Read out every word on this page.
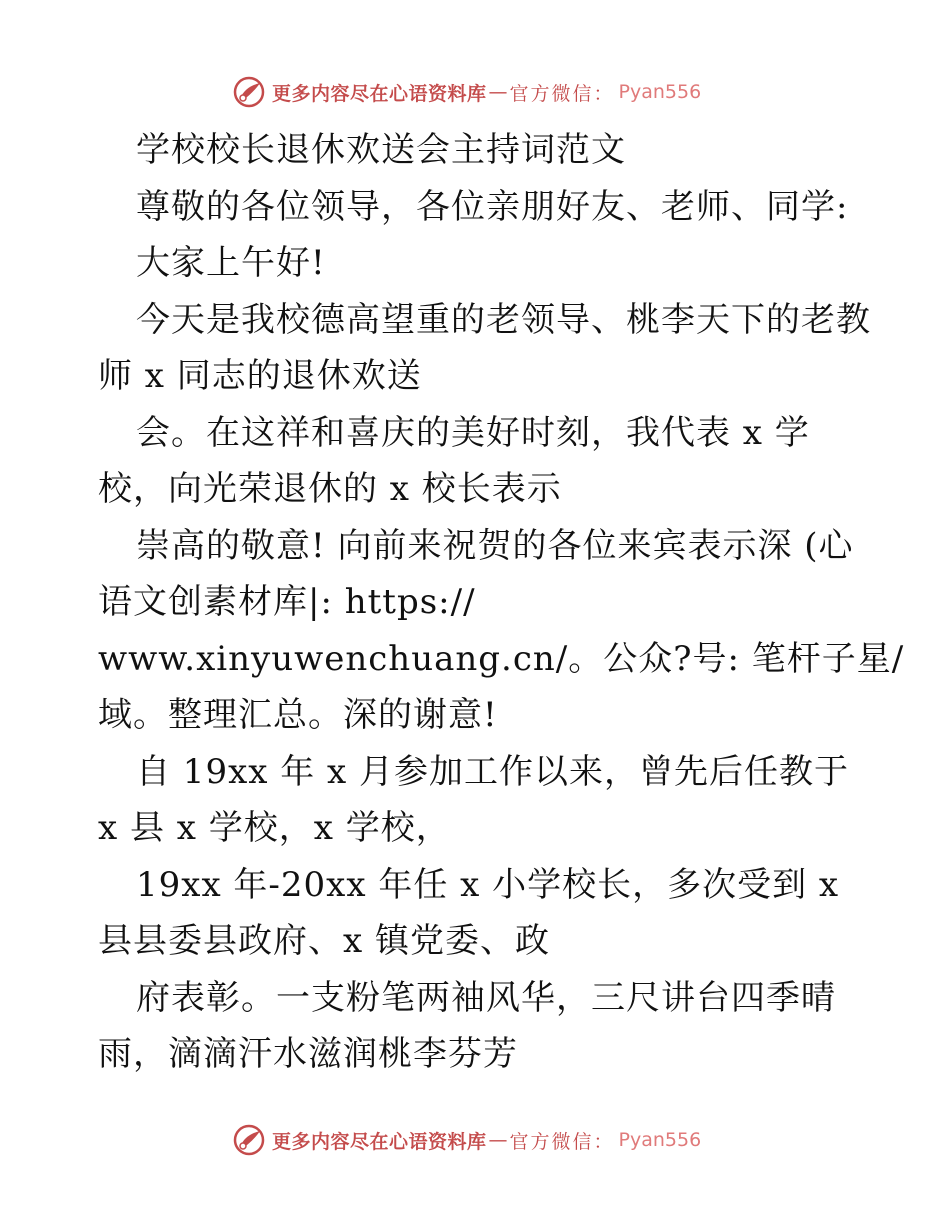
更多内容尽在心语资料库 — 官方微信： Pyan556
学校校长退休欢送会主持词范文
尊敬的各位领导，各位亲朋好友、老师、同学:
大家上午好!
今天是我校德高望重的老领导、桃李天下的老教
师 x 同志的退休欢送
会。在这祥和喜庆的美好时刻，我代表 x 学
校，向光荣退休的 x 校长表示
崇高的敬意! 向前来祝贺的各位来宾表示深 (心
语文创素材库|: https://
www.xinyuwenchuang.cn/。公众?号: 笔杆子星/
域。整理汇总。深的谢意!
自 19xx 年 x 月参加工作以来，曾先后任教于
x 县 x 学校，x 学校，
19xx 年-20xx 年任 x 小学校长，多次受到 x
县县委县政府、x 镇党委、政
府表彰。一支粉笔两袖风华，三尺讲台四季晴
雨，滴滴汗水滋润桃李芬芳
更多内容尽在心语资料库 — 官方微信： Pyan556
